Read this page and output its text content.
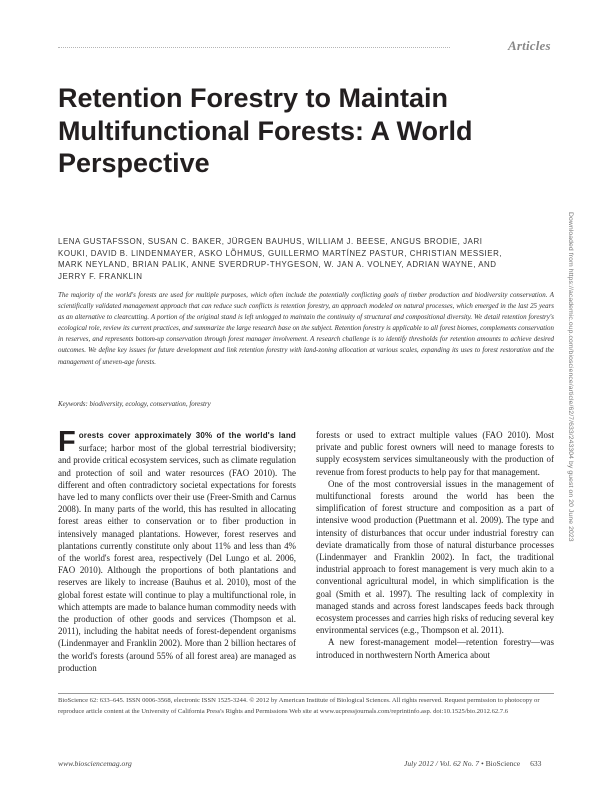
Articles
Retention Forestry to Maintain Multifunctional Forests: A World Perspective

LENA GUSTAFSSON, SUSAN C. BAKER, JÜRGEN BAUHUS, WILLIAM J. BEESE, ANGUS BRODIE, JARI KOUKI, DAVID B. LINDENMAYER, ASKO LÕHMUS, GUILLERMO MARTÍNEZ PASTUR, CHRISTIAN MESSIER, MARK NEYLAND, BRIAN PALIK, ANNE SVERDRUP-THYGESON, W. JAN A. VOLNEY, ADRIAN WAYNE, AND JERRY F. FRANKLIN

The majority of the world's forests are used for multiple purposes, which often include the potentially conflicting goals of timber production and biodiversity conservation. A scientifically validated management approach that can reduce such conflicts is retention forestry, an approach modeled on natural processes, which emerged in the last 25 years as an alternative to clearcutting. A portion of the original stand is left unlogged to maintain the continuity of structural and compositional diversity. We detail retention forestry's ecological role, review its current practices, and summarize the large research base on the subject. Retention forestry is applicable to all forest biomes, complements conservation in reserves, and represents bottom-up conservation through forest manager involvement. A research challenge is to identify thresholds for retention amounts to achieve desired outcomes. We define key issues for future development and link retention forestry with land-zoning allocation at various scales, expanding its uses to forest restoration and the management of uneven-age forests.

Keywords: biodiversity, ecology, conservation, forestry

Forests cover approximately 30% of the world's land surface; harbor most of the global terrestrial biodiversity; and provide critical ecosystem services, such as climate regulation and protection of soil and water resources (FAO 2010). The different and often contradictory societal expectations for forests have led to many conflicts over their use (Freer-Smith and Carnus 2008). In many parts of the world, this has resulted in allocating forest areas either to conservation or to fiber production in intensively managed plantations. However, forest reserves and plantations currently constitute only about 11% and less than 4% of the world's forest area, respectively (Del Lungo et al. 2006, FAO 2010). Although the proportions of both plantations and reserves are likely to increase (Bauhus et al. 2010), most of the global forest estate will continue to play a multifunctional role, in which attempts are made to balance human commodity needs with the production of other goods and services (Thompson et al. 2011), including the habitat needs of forest-dependent organisms (Lindenmayer and Franklin 2002). More than 2 billion hectares of the world's forests (around 55% of all forest area) are managed as production

forests or used to extract multiple values (FAO 2010). Most private and public forest owners will need to manage forests to supply ecosystem services simultaneously with the production of revenue from forest products to help pay for that management.

One of the most controversial issues in the management of multifunctional forests around the world has been the simplification of forest structure and composition as a part of intensive wood production (Puettmann et al. 2009). The type and intensity of disturbances that occur under industrial forestry can deviate dramatically from those of natural disturbance processes (Lindenmayer and Franklin 2002). In fact, the traditional industrial approach to forest management is very much akin to a conventional agricultural model, in which simplification is the goal (Smith et al. 1997). The resulting lack of complexity in managed stands and across forest landscapes feeds back through ecosystem processes and carries high risks of reducing several key environmental services (e.g., Thompson et al. 2011).

A new forest-management model—retention forestry—was introduced in northwestern North America about

BioScience 62: 633–645. ISSN 0006-3568, electronic ISSN 1525-3244. © 2012 by American Institute of Biological Sciences. All rights reserved. Request permission to photocopy or reproduce article content at the University of California Press's Rights and Permissions Web site at www.ucpressjournals.com/reprintinfo.asp. doi:10.1525/bio.2012.62.7.6

www.biosciencemag.org	July 2012 / Vol. 62 No. 7 • BioScience 633
Downloaded from https://academic.oup.com/bioscience/article/62/7/633/243304 by guest on 20 June 2023
